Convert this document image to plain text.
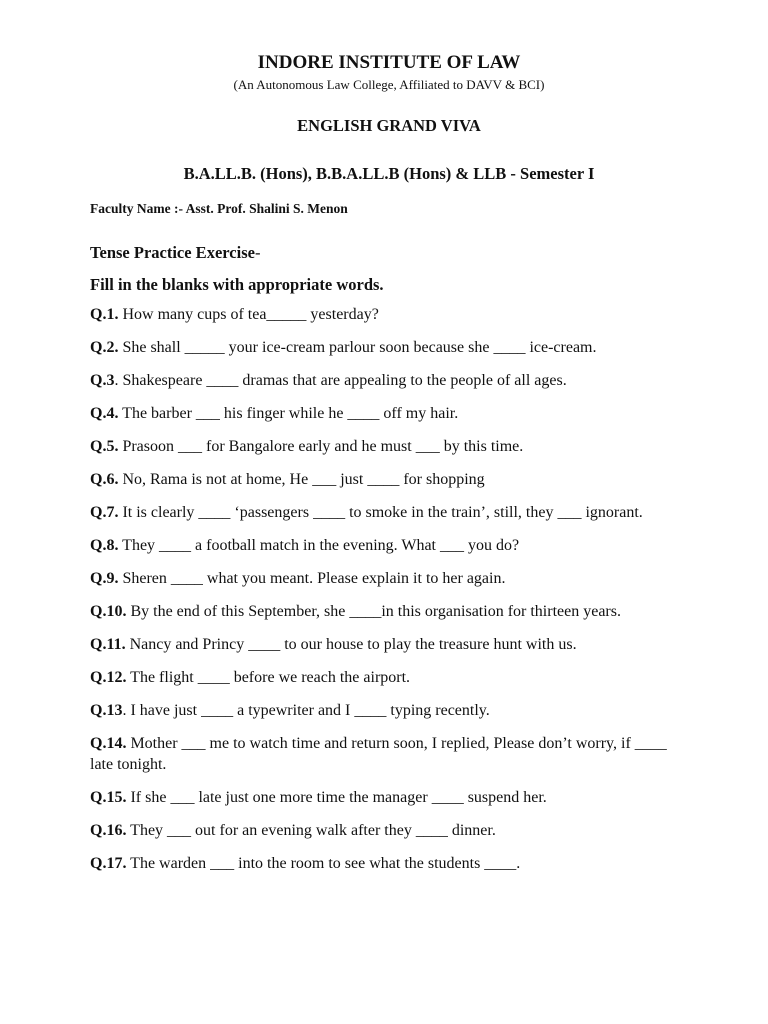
INDORE INSTITUTE OF LAW

(An Autonomous Law College, Affiliated to DAVV & BCI)

ENGLISH GRAND VIVA

B.A.LL.B. (Hons), B.B.A.LL.B (Hons) & LLB - Semester I

Faculty Name :- Asst. Prof. Shalini S. Menon

Tense Practice Exercise-

Fill in the blanks with appropriate words.

Q.1. How many cups of tea_____ yesterday?

Q.2. She shall _____ your ice-cream parlour soon because she ____ ice-cream.

Q.3. Shakespeare ____ dramas that are appealing to the people of all ages.

Q.4. The barber ___ his finger while he ____ off my hair.

Q.5. Prasoon ___ for Bangalore early and he must ___ by this time.

Q.6. No, Rama is not at home, He ___ just ____ for shopping

Q.7. It is clearly ____ ‘passengers ____ to smoke in the train’, still, they ___ ignorant.

Q.8. They ____ a football match in the evening. What ___ you do?

Q.9. Sheren ____ what you meant. Please explain it to her again.

Q.10. By the end of this September, she ____in this organisation for thirteen years.

Q.11. Nancy and Princy ____ to our house to play the treasure hunt with us.

Q.12. The flight ____ before we reach the airport.

Q.13. I have just ____ a typewriter and I ____ typing recently.

Q.14. Mother ___ me to watch time and return soon, I replied, Please don’t worry, if ____ late tonight.

Q.15. If she ___ late just one more time the manager ____ suspend her.

Q.16. They ___ out for an evening walk after they ____ dinner.

Q.17. The warden ___ into the room to see what the students ____.
